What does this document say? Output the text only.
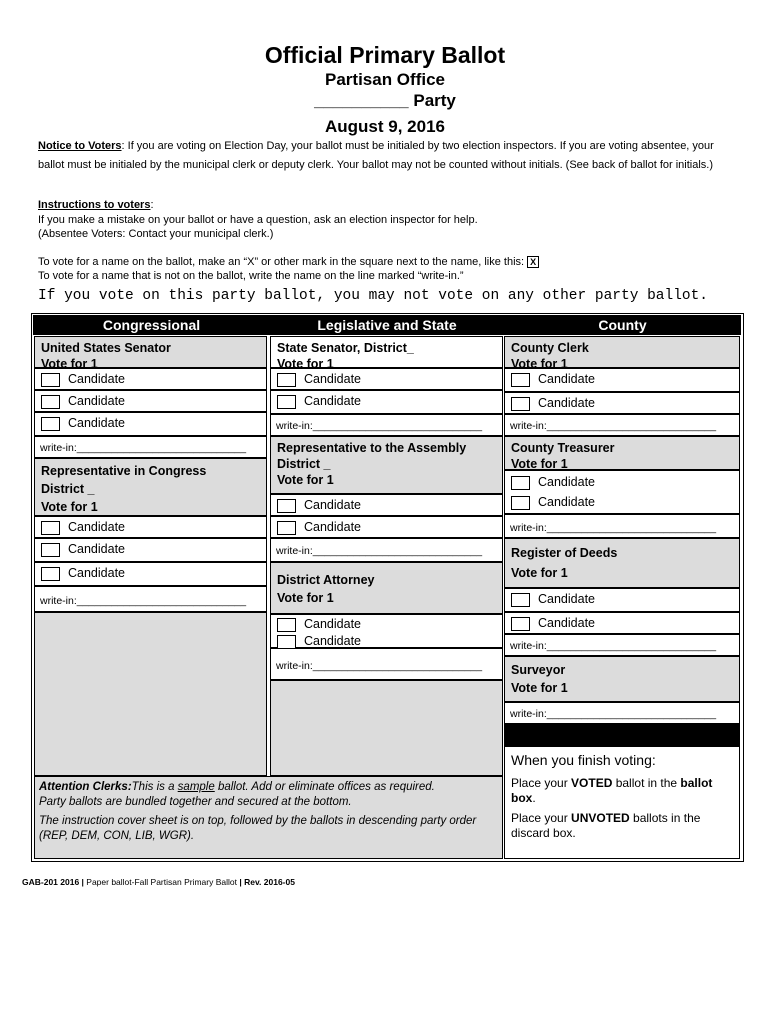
Official Primary Ballot
Partisan Office
__________ Party
August 9, 2016
Notice to Voters: If you are voting on Election Day, your ballot must be initialed by two election inspectors. If you are voting absentee, your ballot must be initialed by the municipal clerk or deputy clerk. Your ballot may not be counted without initials. (See back of ballot for initials.)
Instructions to voters:
If you make a mistake on your ballot or have a question, ask an election inspector for help.
(Absentee Voters: Contact your municipal clerk.)
To vote for a name on the ballot, make an “X” or other mark in the square next to the name, like this: X
To vote for a name that is not on the ballot, write the name on the line marked “write-in.”
If you vote on this party ballot, you may not vote on any other party ballot.
Congressional	Legislative and State	County
United States Senator
Vote for 1
Candidate
Candidate
Candidate
write-in:_____________________________
Representative in Congress
District _
Vote for 1
Candidate
Candidate
Candidate
write-in:_____________________________
State Senator, District_
Vote for 1
Candidate
Candidate
write-in:_____________________________
Representative to the Assembly
District _
Vote for 1
Candidate
Candidate
write-in:_____________________________
District Attorney
Vote for 1
Candidate
Candidate
write-in:_____________________________
County Clerk
Vote for 1
Candidate
Candidate
write-in:_____________________________
County Treasurer
Vote for 1
Candidate
Candidate
write-in:_____________________________
Register of Deeds
Vote for 1
Candidate
Candidate
write-in:_____________________________
Surveyor
Vote for 1
write-in:_____________________________
Attention Clerks:This is a sample ballot. Add or eliminate offices as required.
Party ballots are bundled together and secured at the bottom.
The instruction cover sheet is on top, followed by the ballots in descending party order (REP, DEM, CON, LIB, WGR).
When you finish voting:
Place your VOTED ballot in the ballot box.
Place your UNVOTED ballots in the discard box.
GAB-201 2016 | Paper ballot-Fall Partisan Primary Ballot | Rev. 2016-05
